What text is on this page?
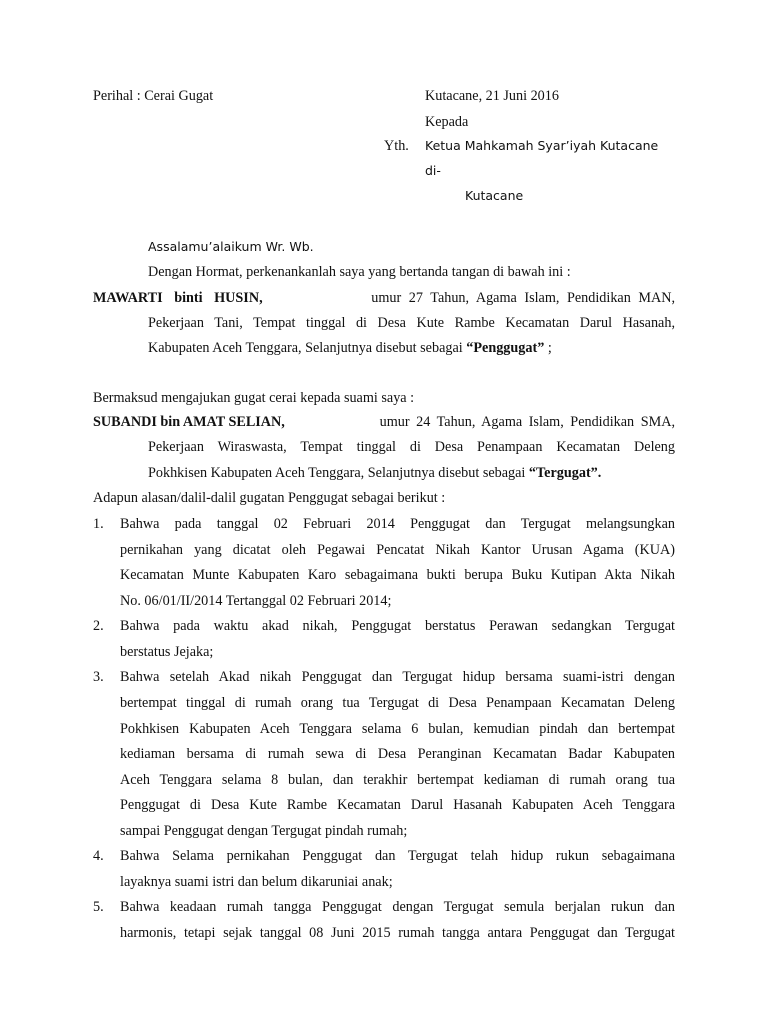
Perihal : Cerai Gugat	Kutacane, 21 Juni 2016
Kepada
Yth. Ketua Mahkamah Syar’iyah Kutacane
di-
Kutacane
Assalamu’alaikum Wr. Wb.
Dengan Hormat, perkenankanlah saya yang bertanda tangan di bawah ini :
MAWARTI binti HUSIN,	umur 27 Tahun, Agama Islam, Pendidikan MAN,
Pekerjaan Tani, Tempat tinggal di Desa Kute Rambe Kecamatan Darul Hasanah,
Kabupaten Aceh Tenggara, Selanjutnya disebut sebagai “Penggugat” ;
Bermaksud mengajukan gugat cerai kepada suami saya :
SUBANDI bin AMAT SELIAN,	umur 24 Tahun, Agama Islam, Pendidikan SMA,
Pekerjaan Wiraswasta, Tempat tinggal di Desa Penampaan Kecamatan Deleng
Pokhkisen Kabupaten Aceh Tenggara, Selanjutnya disebut sebagai “Tergugat”.
Adapun alasan/dalil-dalil gugatan Penggugat sebagai berikut :
1. Bahwa pada tanggal 02 Februari 2014 Penggugat dan Tergugat melangsungkan
pernikahan yang dicatat oleh Pegawai Pencatat Nikah Kantor Urusan Agama (KUA)
Kecamatan Munte Kabupaten Karo sebagaimana bukti berupa Buku Kutipan Akta Nikah
No. 06/01/II/2014 Tertanggal 02 Februari 2014;
2. Bahwa pada waktu akad nikah, Penggugat berstatus Perawan sedangkan Tergugat
berstatus Jejaka;
3. Bahwa setelah Akad nikah Penggugat dan Tergugat hidup bersama suami-istri dengan
bertempat tinggal di rumah orang tua Tergugat di Desa Penampaan Kecamatan Deleng
Pokhkisen Kabupaten Aceh Tenggara selama 6 bulan, kemudian pindah dan bertempat
kediaman bersama di rumah sewa di Desa Peranginan Kecamatan Badar Kabupaten
Aceh Tenggara selama 8 bulan, dan terakhir bertempat kediaman di rumah orang tua
Penggugat di Desa Kute Rambe Kecamatan Darul Hasanah Kabupaten Aceh Tenggara
sampai Penggugat dengan Tergugat pindah rumah;
4. Bahwa Selama pernikahan Penggugat dan Tergugat telah hidup rukun sebagaimana
layaknya suami istri dan belum dikaruniai anak;
5. Bahwa keadaan rumah tangga Penggugat dengan Tergugat semula berjalan rukun dan
harmonis, tetapi sejak tanggal 08 Juni 2015 rumah tangga antara Penggugat dan Tergugat
